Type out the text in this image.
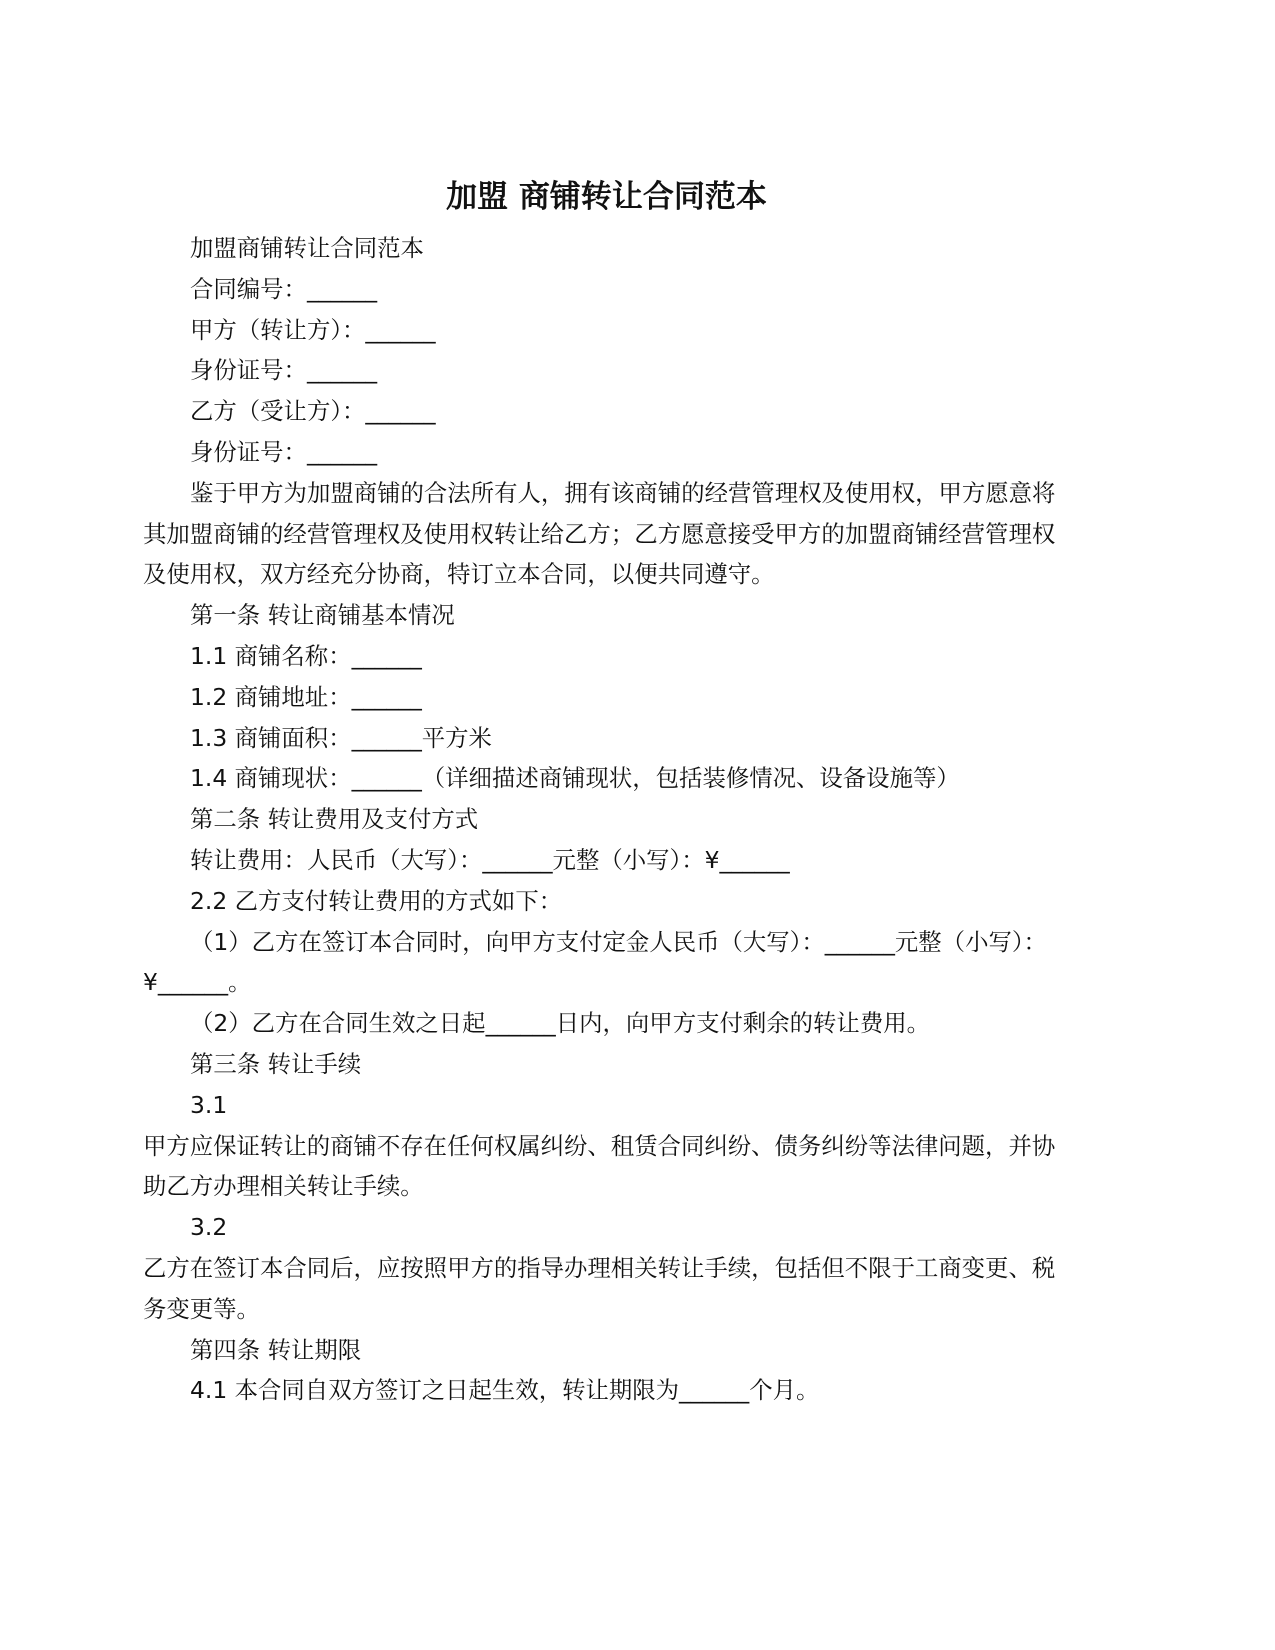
加盟 商铺转让合同范本

加盟商铺转让合同范本

合同编号：______

甲方（转让方）：______

身份证号：______

乙方（受让方）：______

身份证号：______

鉴于甲方为加盟商铺的合法所有人，拥有该商铺的经营管理权及使用权，甲方愿意将其加盟商铺的经营管理权及使用权转让给乙方；乙方愿意接受甲方的加盟商铺经营管理权及使用权，双方经充分协商，特订立本合同，以便共同遵守。

第一条 转让商铺基本情况

1.1 商铺名称：______

1.2 商铺地址：______

1.3 商铺面积：______平方米

1.4 商铺现状：______（详细描述商铺现状，包括装修情况、设备设施等）

第二条 转让费用及支付方式

转让费用：人民币（大写）：______元整（小写）：¥______

2.2 乙方支付转让费用的方式如下：

（1）乙方在签订本合同时，向甲方支付定金人民币（大写）：______元整（小写）：¥______。

（2）乙方在合同生效之日起______日内，向甲方支付剩余的转让费用。

第三条 转让手续

3.1

甲方应保证转让的商铺不存在任何权属纠纷、租赁合同纠纷、债务纠纷等法律问题，并协助乙方办理相关转让手续。

3.2

乙方在签订本合同后，应按照甲方的指导办理相关转让手续，包括但不限于工商变更、税务变更等。

第四条 转让期限

4.1 本合同自双方签订之日起生效，转让期限为______个月。
